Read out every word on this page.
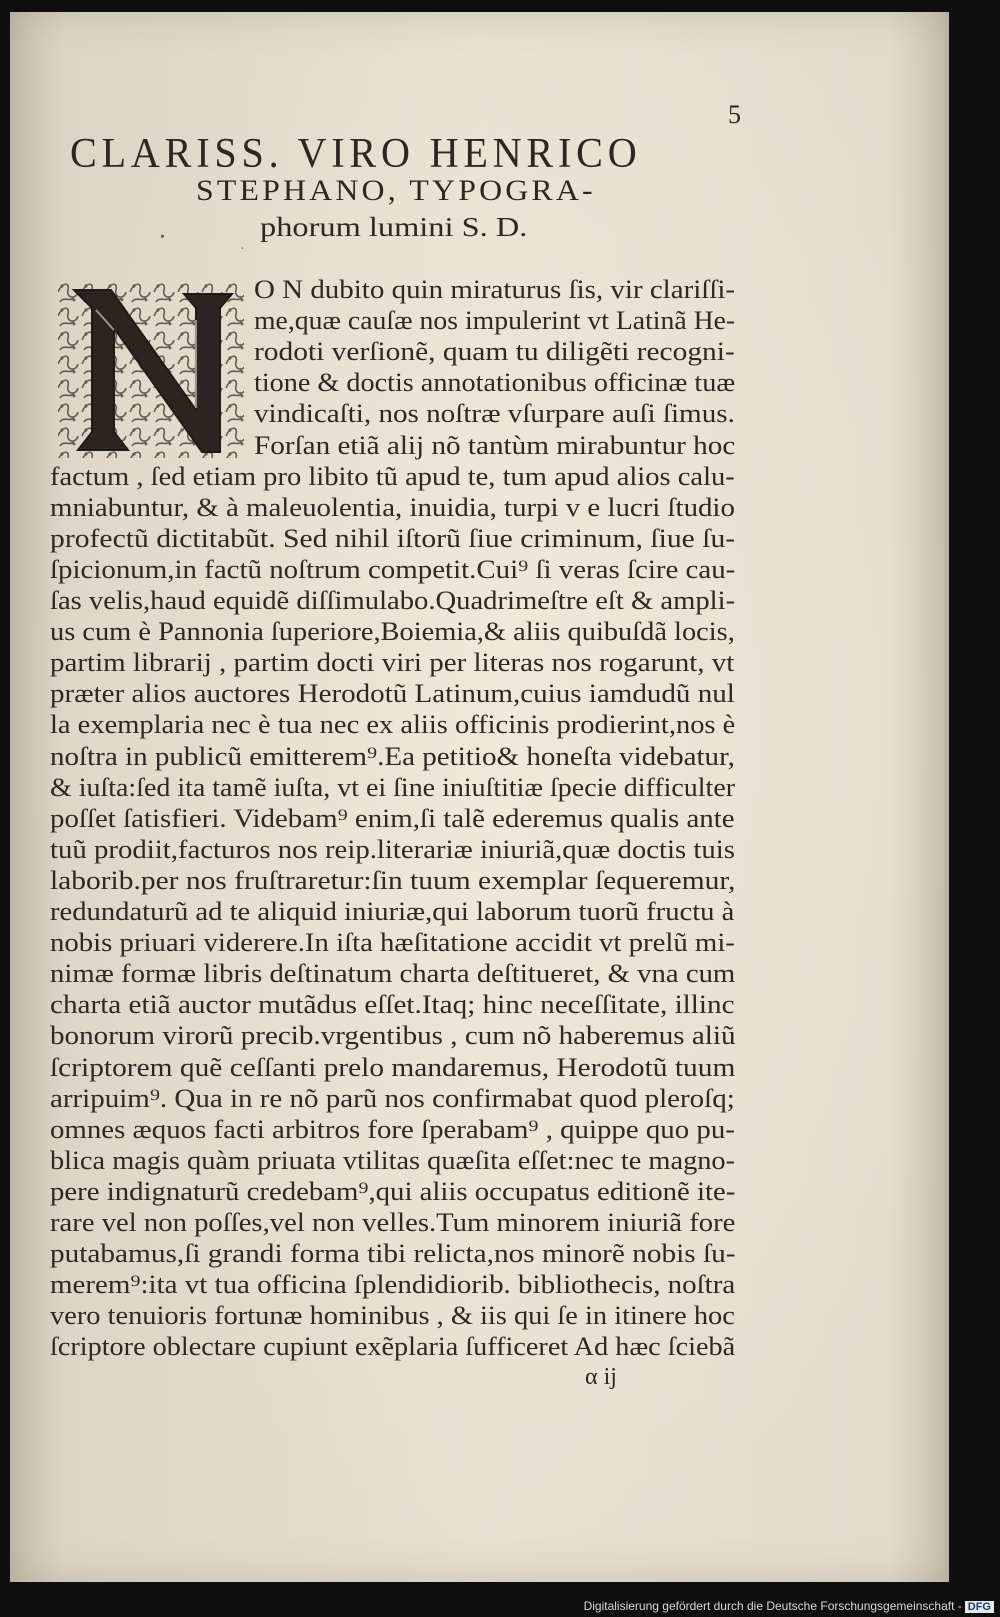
5
CLARISS. VIRO HENRICO
STEPHANO, TYPOGRA-
phorum lumini S. D.
•
·
O N dubito quin miraturus ſis, vir clariſſi-
me,quæ cauſæ nos impulerint vt Latinã He-
rodoti verſionẽ, quam tu diligẽti recogni-
tione & doctis annotationibus officinæ tuæ
vindicaſti, nos noſtræ vſurpare auſi ſimus.
Forſan etiã alij nõ tantùm mirabuntur hoc
factum , ſed etiam pro libito tũ apud te, tum apud alios calu-
mniabuntur, & à maleuolentia, inuidia, turpi v e lucri ſtudio
profectũ dictitabũt. Sed nihil iſtorũ ſiue criminum, ſiue ſu-
ſpicionum,in factũ noſtrum competit.Cui⁹ ſi veras ſcire cau-
ſas velis,haud equidẽ diſſimulabo.Quadrimeſtre eſt & ampli-
us cum è Pannonia ſuperiore,Boiemia,& aliis quibuſdã locis,
partim librarij , partim docti viri per literas nos rogarunt, vt
præter alios auctores Herodotũ Latinum,cuius iamdudũ nul
la exemplaria nec è tua nec ex aliis officinis prodierint,nos è
noſtra in publicũ emitterem⁹.Ea petitio& honeſta videbatur,
& iuſta:ſed ita tamẽ iuſta, vt ei ſine iniuſtitiæ ſpecie difficulter
poſſet ſatisfieri. Videbam⁹ enim,ſi talẽ ederemus qualis ante
tuũ prodiit,facturos nos reip.literariæ iniuriã,quæ doctis tuis
laborib.per nos fruſtraretur:ſin tuum exemplar ſequeremur,
redundaturũ ad te aliquid iniuriæ,qui laborum tuorũ fructu à
nobis priuari viderere.In iſta hæſitatione accidit vt prelũ mi-
nimæ formæ libris deſtinatum charta deſtitueret, & vna cum
charta etiã auctor mutãdus eſſet.Itaq; hinc neceſſitate, illinc
bonorum virorũ precib.vrgentibus , cum nõ haberemus aliũ
ſcriptorem quẽ ceſſanti prelo mandaremus, Herodotũ tuum
arripuim⁹. Qua in re nõ parũ nos confirmabat quod pleroſq;
omnes æquos facti arbitros fore ſperabam⁹ , quippe quo pu-
blica magis quàm priuata vtilitas quæſita eſſet:nec te magno-
pere indignaturũ credebam⁹,qui aliis occupatus editionẽ ite-
rare vel non poſſes,vel non velles.Tum minorem iniuriã fore
putabamus,ſi grandi forma tibi relicta,nos minorẽ nobis ſu-
merem⁹:ita vt tua officina ſplendidiorib. bibliothecis, noſtra
vero tenuioris fortunæ hominibus , & iis qui ſe in itinere hoc
ſcriptore oblectare cupiunt exẽplaria ſufficeret Ad hæc ſciebã
α ij
Digitalisierung gefördert durch die Deutsche Forschungsgemeinschaft - DFG
